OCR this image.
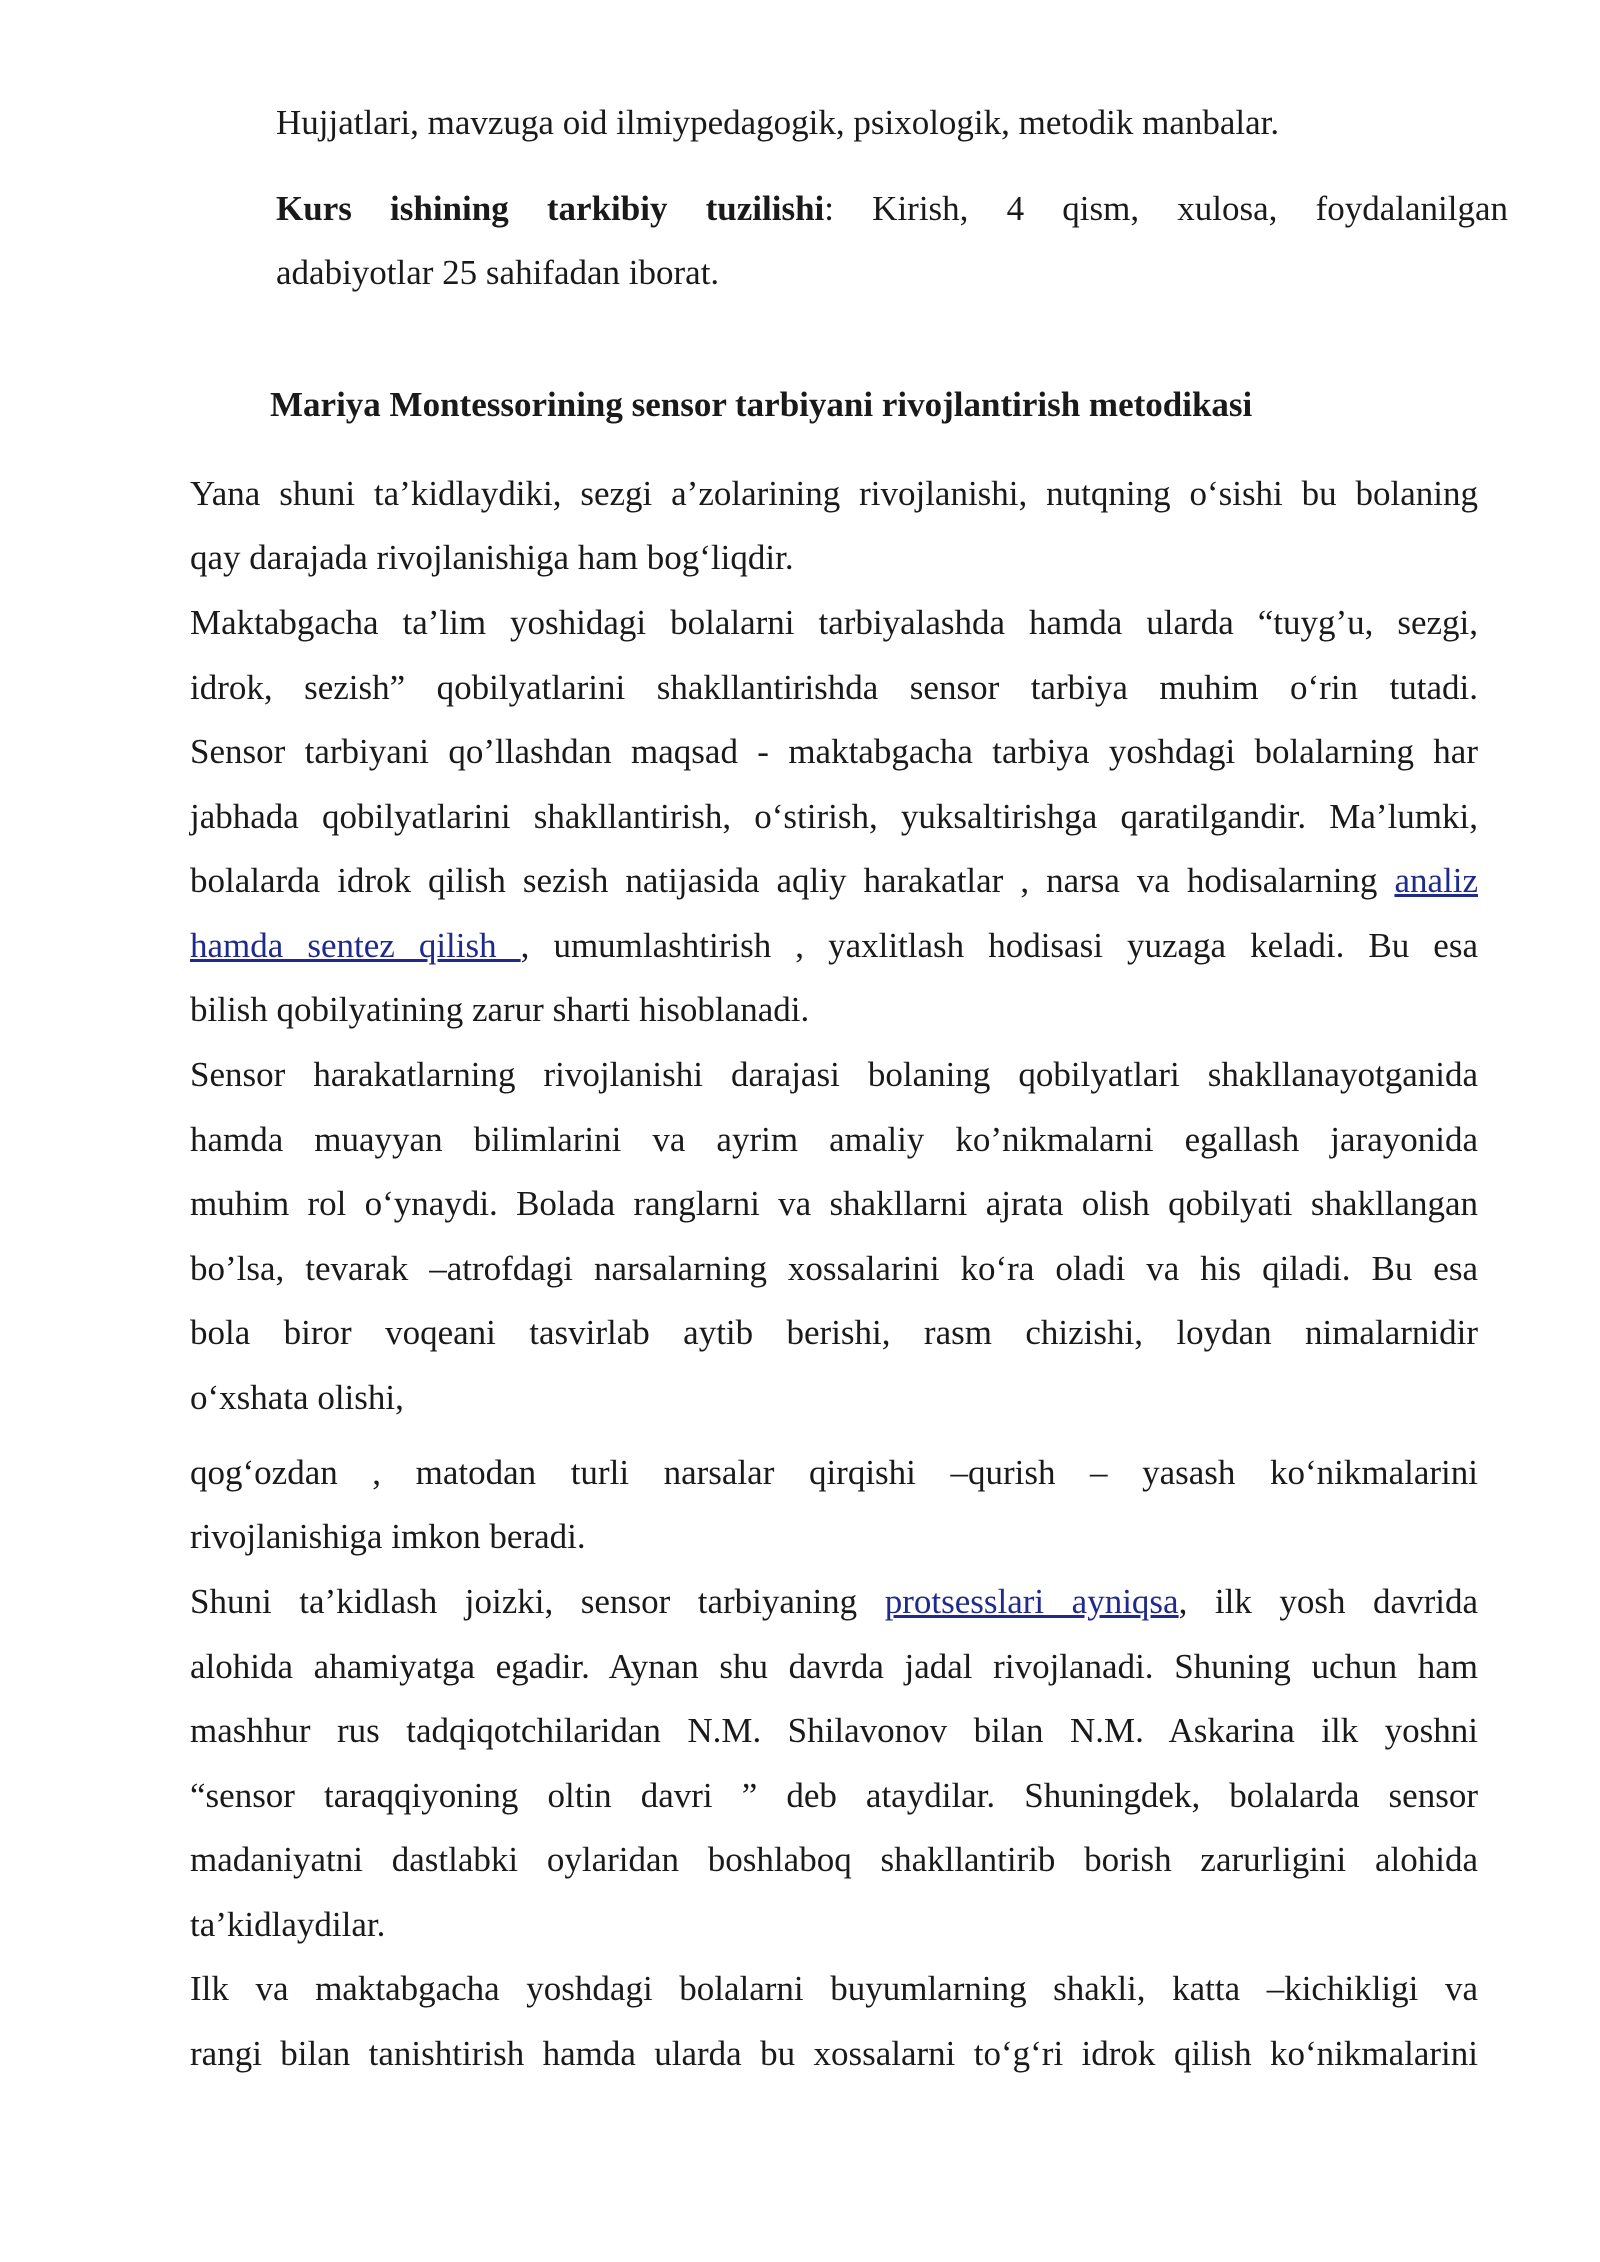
Hujjatlari, mavzuga oid ilmiypedagogik, psixologik, metodik manbalar.
Kurs ishining tarkibiy tuzilishi: Kirish, 4 qism, xulosa, foydalanilgan
adabiyotlar 25 sahifadan iborat.
Mariya Montessorining sensor tarbiyani rivojlantirish metodikasi
Yana shuni ta’kidlaydiki, sezgi a’zolarining rivojlanishi, nutqning o‘sishi bu bolaning
qay darajada rivojlanishiga ham bog‘liqdir.
Maktabgacha ta’lim yoshidagi bolalarni tarbiyalashda hamda ularda “tuyg’u, sezgi,
idrok, sezish” qobilyatlarini shakllantirishda sensor tarbiya muhim o‘rin tutadi.
Sensor tarbiyani qo’llashdan maqsad - maktabgacha tarbiya yoshdagi bolalarning har
jabhada qobilyatlarini shakllantirish, o‘stirish, yuksaltirishga qaratilgandir. Ma’lumki,
bolalarda idrok qilish sezish natijasida aqliy harakatlar , narsa va hodisalarning analiz
hamda sentez qilish , umumlashtirish , yaxlitlash hodisasi yuzaga keladi. Bu esa
bilish qobilyatining zarur sharti hisoblanadi.
Sensor harakatlarning rivojlanishi darajasi bolaning qobilyatlari shakllanayotganida
hamda muayyan bilimlarini va ayrim amaliy ko’nikmalarni egallash jarayonida
muhim rol o‘ynaydi. Bolada ranglarni va shakllarni ajrata olish qobilyati shakllangan
bo’lsa, tevarak –atrofdagi narsalarning xossalarini ko‘ra oladi va his qiladi. Bu esa
bola biror voqeani tasvirlab aytib berishi, rasm chizishi, loydan nimalarnidir
o‘xshata olishi,
qog‘ozdan , matodan turli narsalar qirqishi –qurish – yasash ko‘nikmalarini
rivojlanishiga imkon beradi.
Shuni ta’kidlash joizki, sensor tarbiyaning protsesslari ayniqsa, ilk yosh davrida
alohida ahamiyatga egadir. Aynan shu davrda jadal rivojlanadi. Shuning uchun ham
mashhur rus tadqiqotchilaridan N.M. Shilavonov bilan N.M. Askarina ilk yoshni
“sensor taraqqiyoning oltin davri ” deb ataydilar. Shuningdek, bolalarda sensor
madaniyatni dastlabki oylaridan boshlaboq shakllantirib borish zarurligini alohida
ta’kidlaydilar.
Ilk va maktabgacha yoshdagi bolalarni buyumlarning shakli, katta –kichikligi va
rangi bilan tanishtirish hamda ularda bu xossalarni to‘g‘ri idrok qilish ko‘nikmalarini
